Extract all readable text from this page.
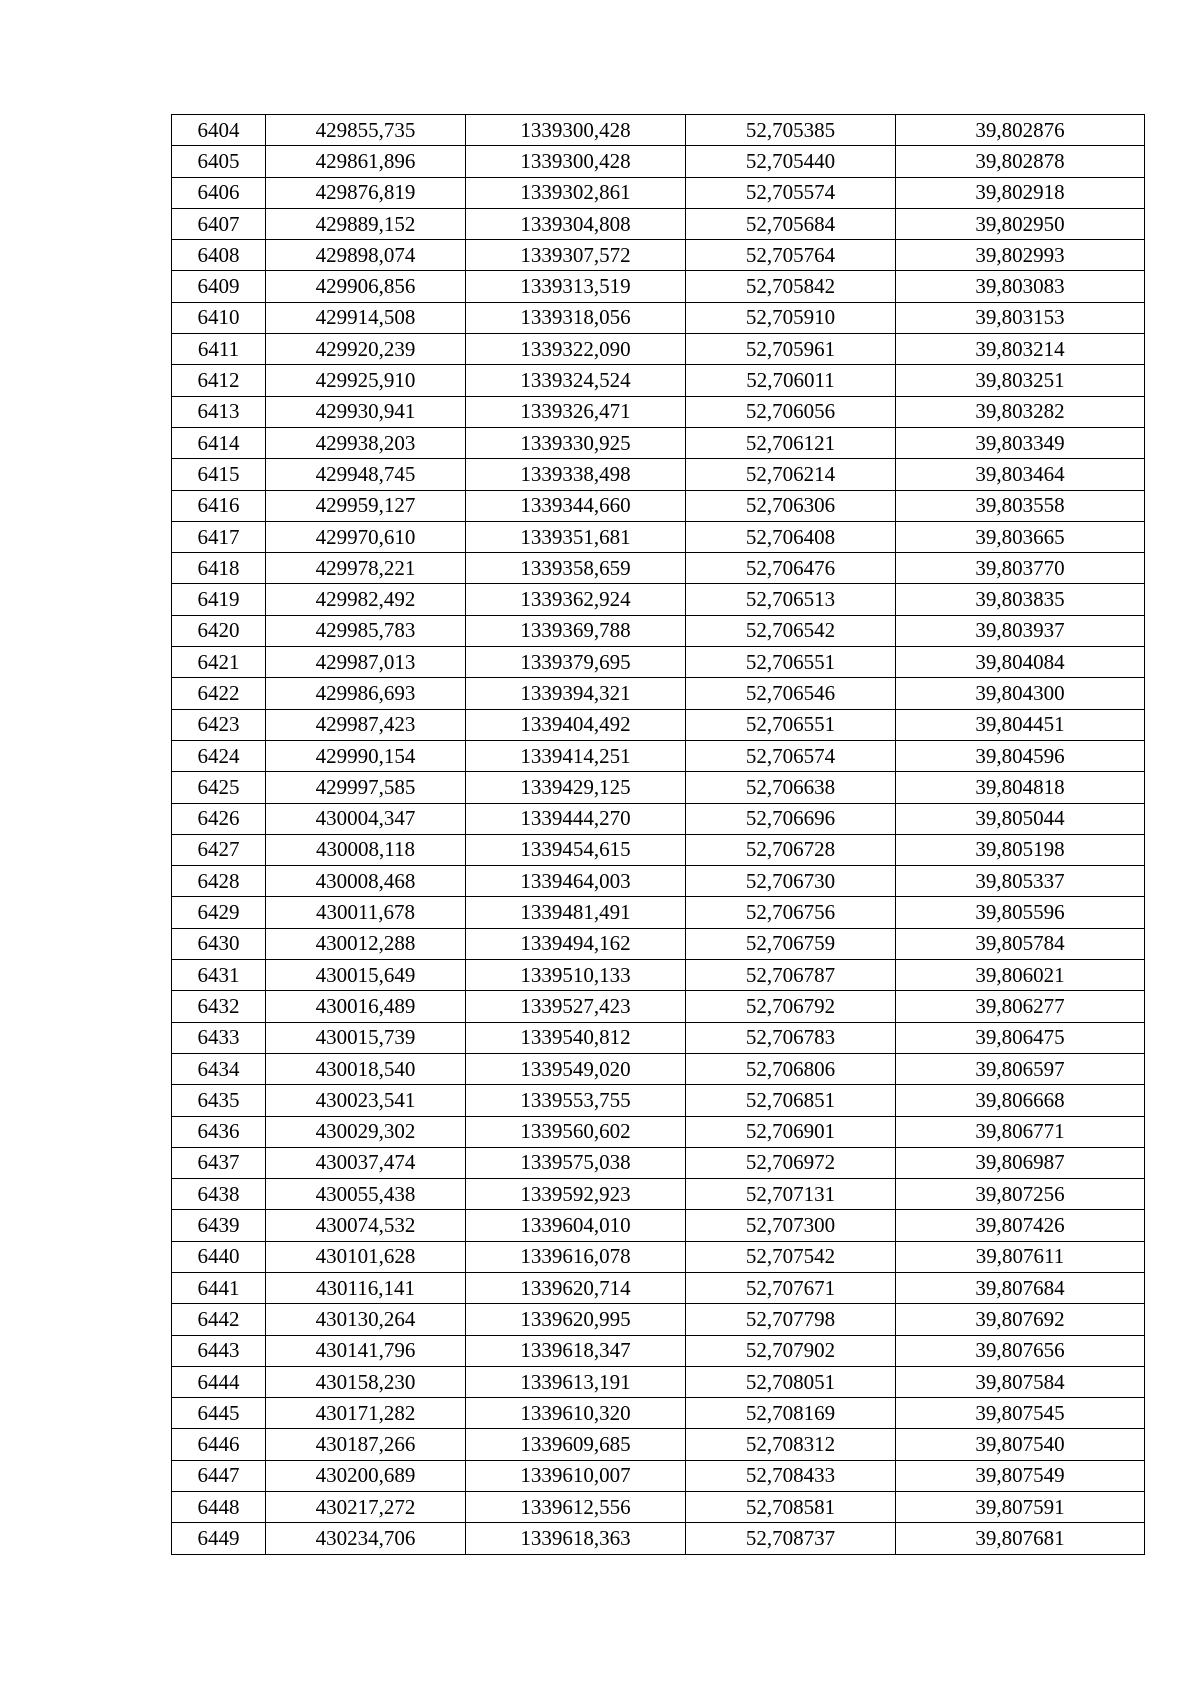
6404	429855,735	1339300,428	52,705385	39,802876
6405	429861,896	1339300,428	52,705440	39,802878
6406	429876,819	1339302,861	52,705574	39,802918
6407	429889,152	1339304,808	52,705684	39,802950
6408	429898,074	1339307,572	52,705764	39,802993
6409	429906,856	1339313,519	52,705842	39,803083
6410	429914,508	1339318,056	52,705910	39,803153
6411	429920,239	1339322,090	52,705961	39,803214
6412	429925,910	1339324,524	52,706011	39,803251
6413	429930,941	1339326,471	52,706056	39,803282
6414	429938,203	1339330,925	52,706121	39,803349
6415	429948,745	1339338,498	52,706214	39,803464
6416	429959,127	1339344,660	52,706306	39,803558
6417	429970,610	1339351,681	52,706408	39,803665
6418	429978,221	1339358,659	52,706476	39,803770
6419	429982,492	1339362,924	52,706513	39,803835
6420	429985,783	1339369,788	52,706542	39,803937
6421	429987,013	1339379,695	52,706551	39,804084
6422	429986,693	1339394,321	52,706546	39,804300
6423	429987,423	1339404,492	52,706551	39,804451
6424	429990,154	1339414,251	52,706574	39,804596
6425	429997,585	1339429,125	52,706638	39,804818
6426	430004,347	1339444,270	52,706696	39,805044
6427	430008,118	1339454,615	52,706728	39,805198
6428	430008,468	1339464,003	52,706730	39,805337
6429	430011,678	1339481,491	52,706756	39,805596
6430	430012,288	1339494,162	52,706759	39,805784
6431	430015,649	1339510,133	52,706787	39,806021
6432	430016,489	1339527,423	52,706792	39,806277
6433	430015,739	1339540,812	52,706783	39,806475
6434	430018,540	1339549,020	52,706806	39,806597
6435	430023,541	1339553,755	52,706851	39,806668
6436	430029,302	1339560,602	52,706901	39,806771
6437	430037,474	1339575,038	52,706972	39,806987
6438	430055,438	1339592,923	52,707131	39,807256
6439	430074,532	1339604,010	52,707300	39,807426
6440	430101,628	1339616,078	52,707542	39,807611
6441	430116,141	1339620,714	52,707671	39,807684
6442	430130,264	1339620,995	52,707798	39,807692
6443	430141,796	1339618,347	52,707902	39,807656
6444	430158,230	1339613,191	52,708051	39,807584
6445	430171,282	1339610,320	52,708169	39,807545
6446	430187,266	1339609,685	52,708312	39,807540
6447	430200,689	1339610,007	52,708433	39,807549
6448	430217,272	1339612,556	52,708581	39,807591
6449	430234,706	1339618,363	52,708737	39,807681
